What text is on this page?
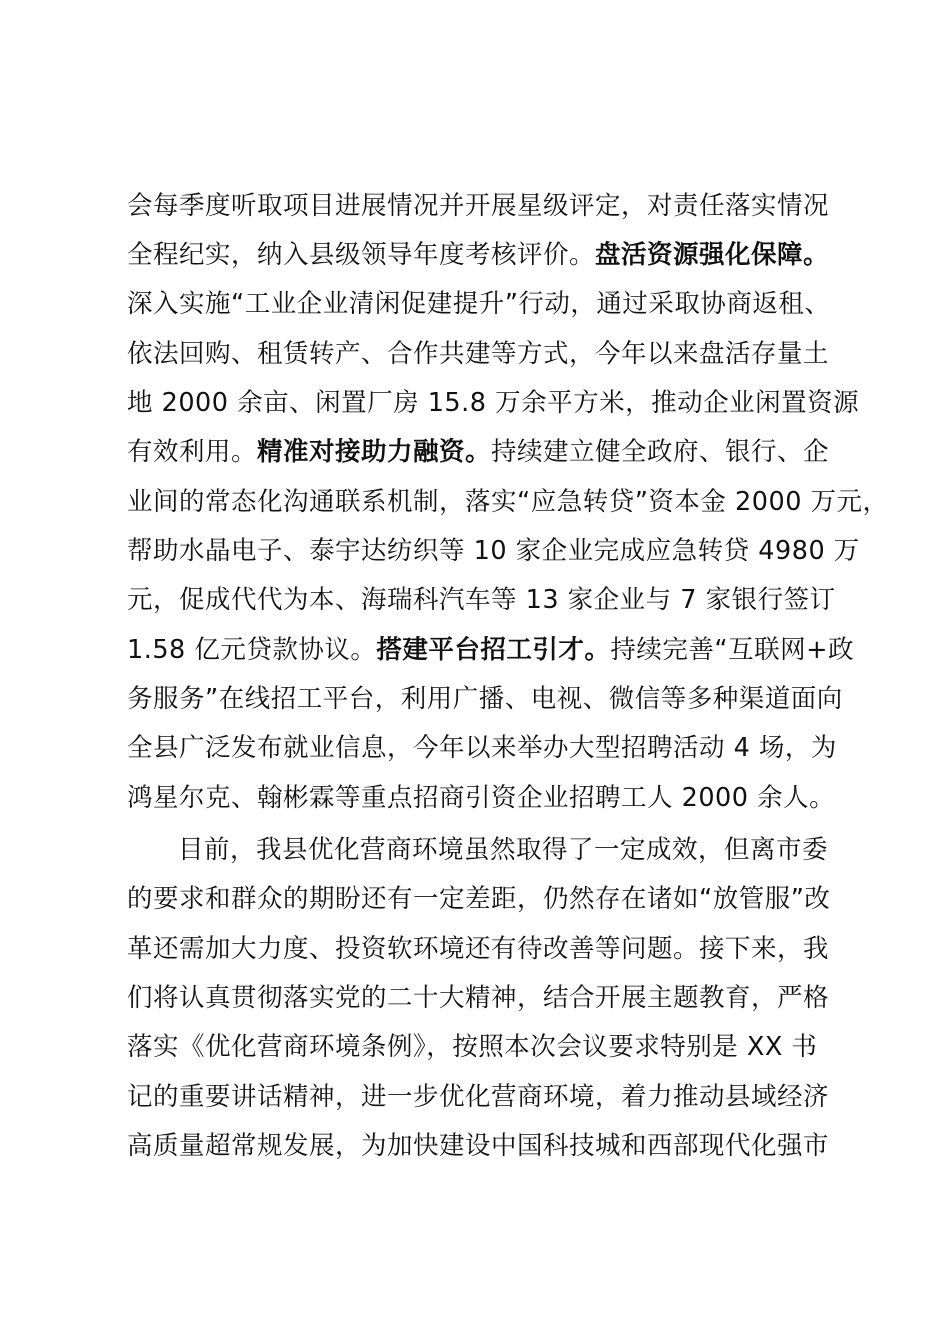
会每季度听取项目进展情况并开展星级评定，对责任落实情况
全程纪实，纳入县级领导年度考核评价。盘活资源强化保障。
深入实施“工业企业清闲促建提升”行动，通过采取协商返租、
依法回购、租赁转产、合作共建等方式，今年以来盘活存量土
地 2000 余亩、闲置厂房 15.8 万余平方米，推动企业闲置资源
有效利用。精准对接助力融资。持续建立健全政府、银行、企
业间的常态化沟通联系机制，落实“应急转贷”资本金 2000 万元，
帮助水晶电子、泰宇达纺织等 10 家企业完成应急转贷 4980 万
元，促成代代为本、海瑞科汽车等 13 家企业与 7 家银行签订
1.58 亿元贷款协议。搭建平台招工引才。持续完善“互联网+政
务服务”在线招工平台，利用广播、电视、微信等多种渠道面向
全县广泛发布就业信息，今年以来举办大型招聘活动 4 场，为
鸿星尔克、翰彬霖等重点招商引资企业招聘工人 2000 余人。
目前，我县优化营商环境虽然取得了一定成效，但离市委
的要求和群众的期盼还有一定差距，仍然存在诸如“放管服”改
革还需加大力度、投资软环境还有待改善等问题。接下来，我
们将认真贯彻落实党的二十大精神，结合开展主题教育，严格
落实《优化营商环境条例》，按照本次会议要求特别是 XX 书
记的重要讲话精神，进一步优化营商环境，着力推动县域经济
高质量超常规发展，为加快建设中国科技城和西部现代化强市
